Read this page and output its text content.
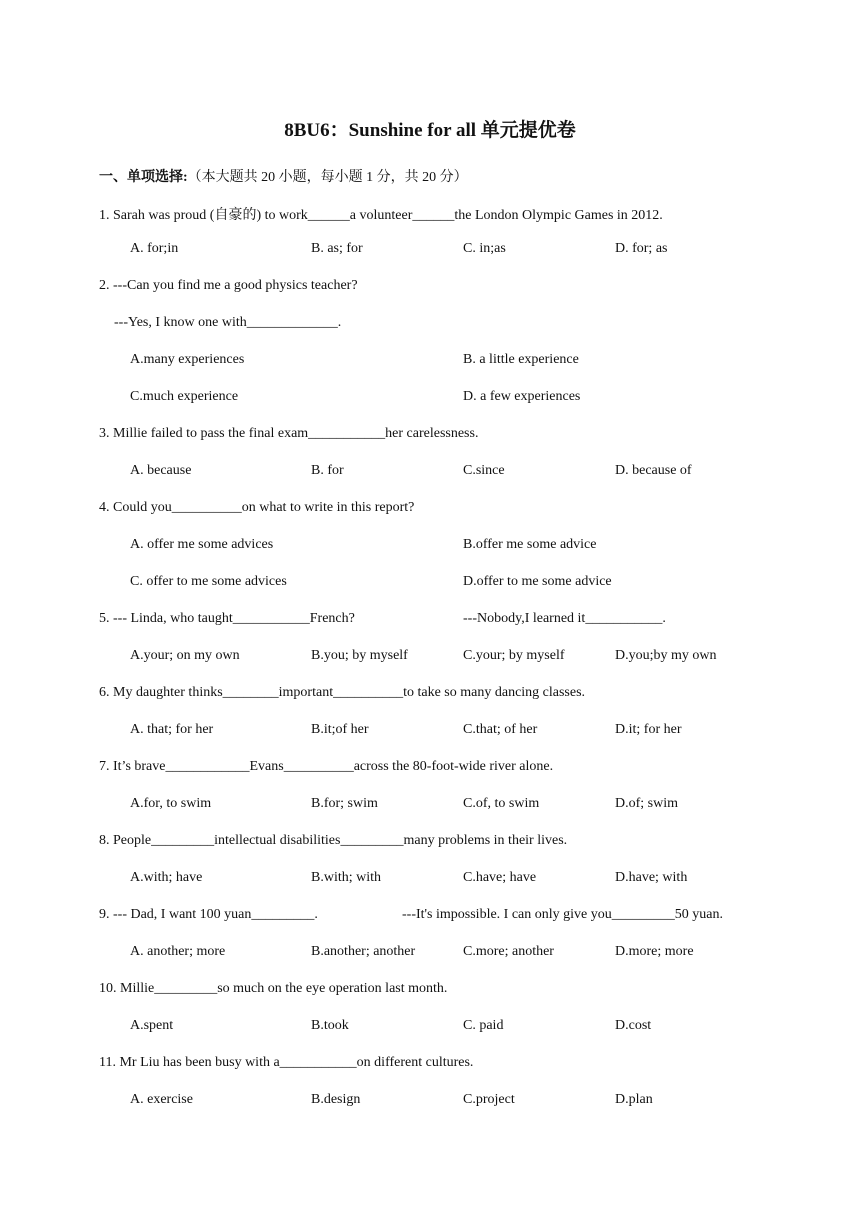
8BU6：Sunshine for all 单元提优卷
一、单项选择:（本大题共 20 小题，每小题 1 分，共 20 分）
1. Sarah was proud (自豪的) to work______a volunteer______the London Olympic Games in 2012.
A. for;in	B. as; for	C. in;as	D. for; as
2. ---Can you find me a good physics teacher?
---Yes, I know one with_____________.
A.many experiences	B. a little experience
C.much experience	D. a few experiences
3. Millie failed to pass the final exam___________her carelessness.
A. because	B. for	C.since	D. because of
4. Could you__________on what to write in this report?
A. offer me some advices	B.offer me some advice
C. offer to me some advices	D.offer to me some advice
5. --- Linda, who taught___________French?	---Nobody,I learned it___________.
A.your; on my own	B.you; by myself	C.your; by myself	D.you;by my own
6. My daughter thinks________important__________to take so many dancing classes.
A. that; for her	B.it;of her	C.that; of her	D.it; for her
7. It’s brave____________Evans__________across the 80-foot-wide river alone.
A.for, to swim	B.for; swim	C.of, to swim	D.of; swim
8. People_________intellectual disabilities_________many problems in their lives.
A.with; have	B.with; with	C.have; have	D.have; with
9. --- Dad, I want 100 yuan_________.	---It's impossible. I can only give you_________50 yuan.
A. another; more	B.another; another	C.more; another	D.more; more
10. Millie_________so much on the eye operation last month.
A.spent	B.took	C. paid	D.cost
11. Mr Liu has been busy with a___________on different cultures.
A. exercise	B.design	C.project	D.plan
